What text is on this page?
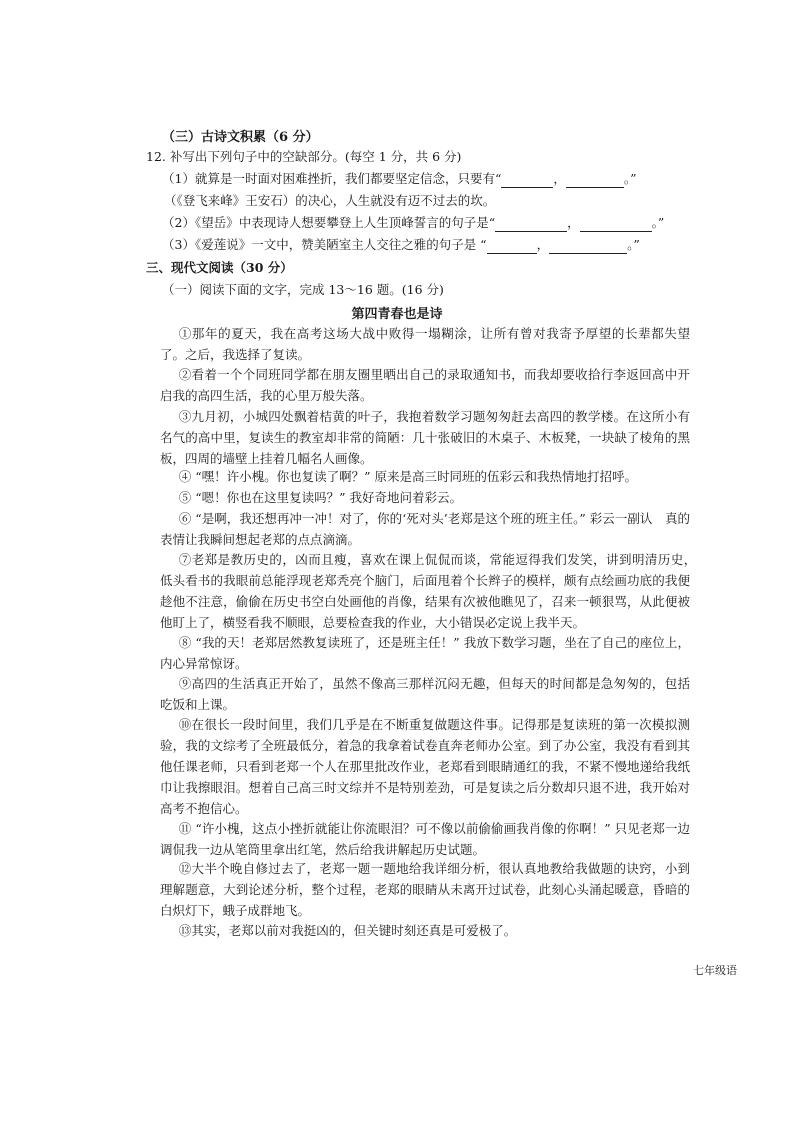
（三）古诗文积累（6 分）
12. 补写出下列句子中的空缺部分。(每空 1 分，共 6 分)
（1）就算是一时面对困难挫折，我们都要坚定信念，只要有“	，	。”
（《登飞来峰》王安石）的决心，人生就没有迈不过去的坎。
（2）《望岳》中表现诗人想要攀登上人生顶峰誓言的句子是“	，	。”
（3）《爱莲说》一文中，赞美陋室主人交往之雅的句子是 “	，	。”
三、现代文阅读（30 分）
（一）阅读下面的文字，完成 13～16 题。(16 分)
第四青春也是诗
①那年的夏天，我在高考这场大战中败得一塌糊涂，让所有曾对我寄予厚望的长辈都失望了。之后，我选择了复读。
②看着一个个同班同学都在朋友圈里晒出自己的录取通知书，而我却要收拾行李返回高中开启我的高四生活，我的心里万般失落。
③九月初，小城四处飘着桔黄的叶子，我抱着数学习题匆匆赶去高四的教学楼。在这所小有名气的高中里，复读生的教室却非常的简陋：几十张破旧的木桌子、木板凳，一块缺了棱角的黑板，四周的墙壁上挂着几幅名人画像。
④ “嘿！许小槐。你也复读了啊？” 原来是高三时同班的伍彩云和我热情地打招呼。
⑤ “嗯！你也在这里复读吗？” 我好奇地问着彩云。
⑥ “是啊，我还想再冲一冲！对了，你的‘死对头’老郑是这个班的班主任。” 彩云一副认　真的表情让我瞬间想起老郑的点点滴滴。
⑦老郑是教历史的，凶而且瘦，喜欢在课上侃侃而谈，常能逗得我们发笑，讲到明清历史，　低头看书的我眼前总能浮现老郑秃亮个脑门，后面甩着个长辫子的模样，颇有点绘画功底的我便趁他不注意，偷偷在历史书空白处画他的肖像，结果有次被他瞧见了，召来一顿狠骂，从此便被他盯上了，横竖看我不顺眼，总要检查我的作业，大小错误必定说上我半天。
⑧ “我的天！老郑居然教复读班了，还是班主任！” 我放下数学习题，坐在了自己的座位上，内心异常惊讶。
⑨高四的生活真正开始了，虽然不像高三那样沉闷无趣，但每天的时间都是急匆匆的，包括吃饭和上课。
⑩在很长一段时间里，我们几乎是在不断重复做题这件事。记得那是复读班的第一次模拟测验，我的文综考了全班最低分，着急的我拿着试卷直奔老师办公室。到了办公室，我没有看到其他任课老师，只看到老郑一个人在那里批改作业，老郑看到眼睛通红的我，不紧不慢地递给我纸巾让我擦眼泪。想着自己高三时文综并不是特别差劲，可是复读之后分数却只退不进，我开始对高考不抱信心。
⑪ “许小槐，这点小挫折就能让你流眼泪？可不像以前偷偷画我肖像的你啊！” 只见老郑一边调侃我一边从笔筒里拿出红笔，然后给我讲解起历史试题。
⑫大半个晚自修过去了，老郑一题一题地给我详细分析，很认真地教给我做题的诀窍，小到理解题意，大到论述分析，整个过程，老郑的眼睛从未离开过试卷，此刻心头涌起暖意，昏暗的白炽灯下，蛾子成群地飞。
⑬其实，老郑以前对我挺凶的，但关键时刻还真是可爱极了。
七年级语
